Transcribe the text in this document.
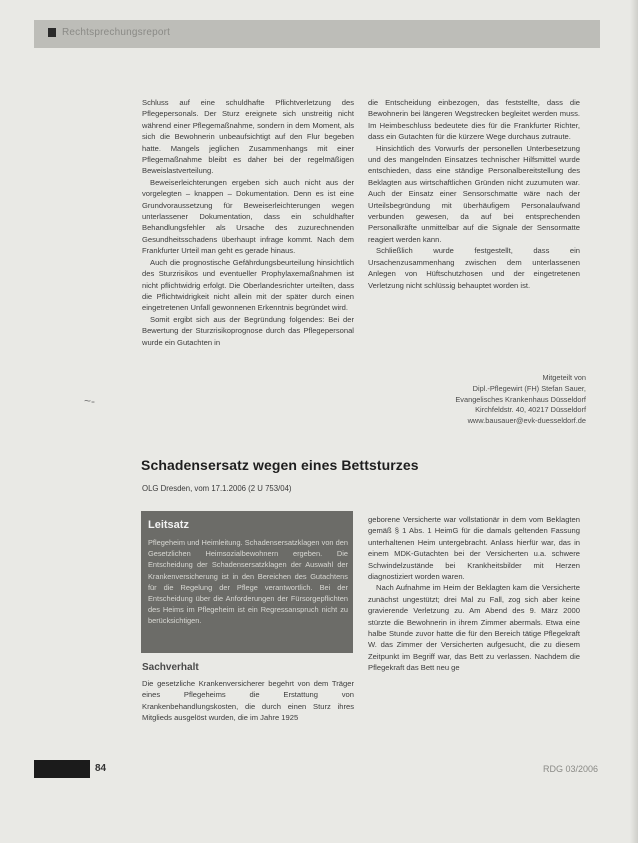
Rechtsprechungsreport

Schluss auf eine schuldhafte Pflichtverletzung des Pflegepersonals. Der Sturz ereignete sich unstreitig nicht während einer Pflegemaßnahme, sondern in dem Moment, als sich die Bewohnerin unbeaufsichtigt auf den Flur begeben hatte. Mangels jeglichen Zusammenhangs mit einer Pflegemaßnahme bleibt es daher bei der regelmäßigen Beweislastverteilung.

Beweiserleichterungen ergeben sich auch nicht aus der vorgelegten – knappen – Dokumentation. Denn es ist eine Grundvoraussetzung für Beweiserleichterungen wegen unterlassener Dokumentation, dass ein schuldhafter Behandlungsfehler als Ursache des zuzurechnenden Gesundheitsschadens überhaupt infrage kommt. Nach dem Frankfurter Urteil man geht es gerade hinaus.

Auch die prognostische Gefährdungsbeurteilung hinsichtlich des Sturzrisikos und eventueller Prophylaxemaßnahmen ist nicht pflichtwidrig erfolgt. Die Oberlandesrichter urteilten, dass die Pflichtwidrigkeit nicht allein mit der später durch einen eingetretenen Unfall gewonnenen Erkenntnis begründet wird.

Somit ergibt sich aus der Begründung folgendes: Bei der Bewertung der Sturzrisikoprognose durch das Pflegepersonal wurde ein Gutachten in

die Entscheidung einbezogen, das feststellte, dass die Bewohnerin bei längeren Wegstrecken begleitet werden muss. Im Heimbeschluss bedeutete dies für die Frankfurter Richter, dass ein Gutachten für die kürzere Wege durchaus zutraute.

Hinsichtlich des Vorwurfs der personellen Unterbesetzung und des mangelnden Einsatzes technischer Hilfsmittel wurde entschieden, dass eine ständige Personalbereitstellung des Beklagten aus wirtschaftlichen Gründen nicht zuzumuten war. Auch der Einsatz einer Sensorschmatte wäre nach der Urteilsbegründung mit überhäufigem Personalaufwand verbunden gewesen, da auf bei entsprechenden Personalkräfte unmittelbar auf die Signale der Sensormatte reagiert werden kann.

Schließlich wurde festgestellt, dass ein Ursachenzusammenhang zwischen dem unterlassenen Anlegen von Hüftschutzhosen und der eingetretenen Verletzung nicht schlüssig behauptet worden ist.

Mitgeteilt von
Dipl.-Pflegewirt (FH) Stefan Sauer,
Evangelisches Krankenhaus Düsseldorf
Kirchfeldstr. 40, 40217 Düsseldorf
www.bausauer@evk-duesseldorf.de
~‑
Schadensersatz wegen eines Bettsturzes
OLG Dresden, vom 17.1.2006 (2 U 753/04)
Leitsatz
Pflegeheim und Heimleitung. Schadensersatzklagen von den Gesetzlichen Heimsozialbewohnern ergeben. Die Entscheidung der Schadensersatzklagen der Auswahl der Krankenversicherung ist in den Bereichen des Gutachtens für die Regelung der Pflege verantwortlich. Bei der Entscheidung über die Anforderungen der Fürsorgepflichten des Heims im Pflegeheim ist ein Regressanspruch nicht zu berücksichtigen.
Sachverhalt

Die gesetzliche Krankenversicherer begehrt von dem Träger eines Pflegeheims die Erstattung von Krankenbehandlungskosten, die durch einen Sturz ihres Mitglieds ausgelöst wurden, die im Jahre 1925

geborene Versicherte war vollstationär in dem vom Beklagten gemäß § 1 Abs. 1 HeimG für die damals geltenden Fassung unterhaltenen Heim untergebracht. Anlass hierfür war, das in einem MDK-Gutachten bei der Versicherten u.a. schwere Schwindelzustände bei Krankheitsbilder mit Herzen diagnostiziert worden waren.

Nach Aufnahme im Heim der Beklagten kam die Versicherte zunächst ungestützt; drei Mal zu Fall, zog sich aber keine gravierende Verletzung zu. Am Abend des 9. März 2000 stürzte die Bewohnerin in ihrem Zimmer abermals. Etwa eine halbe Stunde zuvor hatte die für den Bereich tätige Pflegekraft W. das Zimmer der Versicherten aufgesucht, die zu diesem Zeitpunkt im Begriff war, das Bett zu verlassen. Nachdem die Pflegekraft das Bett neu ge

84	RDG 03/2006
